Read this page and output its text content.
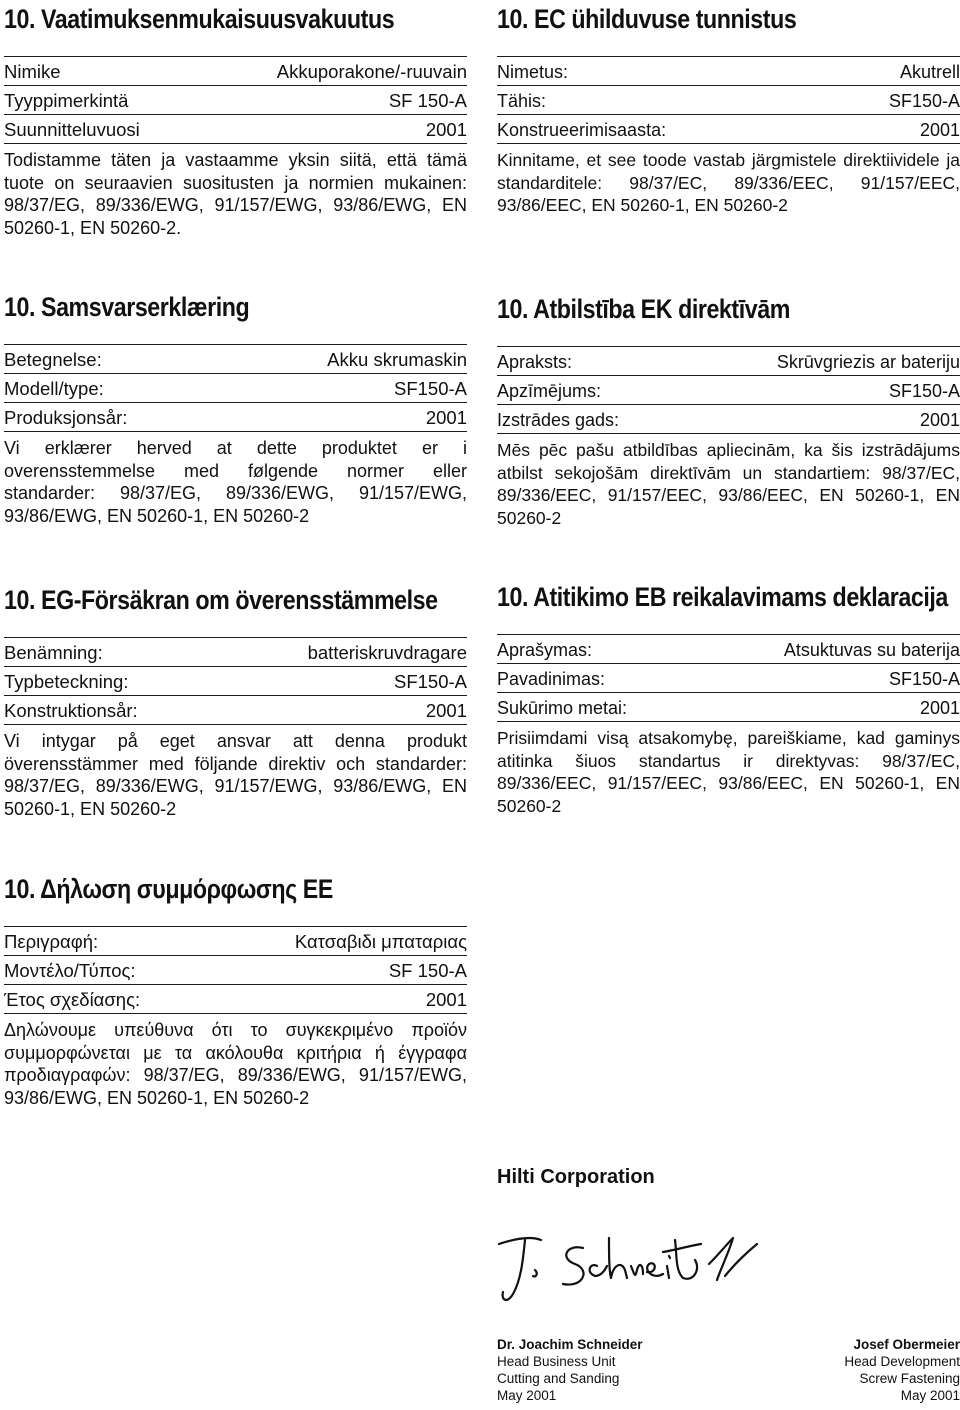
10. Vaatimuksenmukaisuusvakuutus
Nimike	Akkuporakone/-ruuvain
Tyyppimerkintä	SF 150-A
Suunnitteluvuosi	2001
Todistamme täten ja vastaamme yksin siitä, että tämä tuote on seuraavien suositusten ja normien mukainen: 98/37/EG, 89/336/EWG, 91/157/EWG, 93/86/EWG, EN 50260-1, EN 50260-2.
10. EC ühilduvuse tunnistus
Nimetus:	Akutrell
Tähis:	SF150-A
Konstrueerimisaasta:	2001
Kinnitame, et see toode vastab järgmistele direktiividele ja standarditele: 98/37/EC, 89/336/EEC, 91/157/EEC, 93/86/EEC, EN 50260-1, EN 50260-2
10. Samsvarserklæring
Betegnelse:	Akku skrumaskin
Modell/type:	SF150-A
Produksjonsår:	2001
Vi erklærer herved at dette produktet er i overensstemmelse med følgende normer eller standarder: 98/37/EG, 89/336/EWG, 91/157/EWG, 93/86/EWG, EN 50260-1, EN 50260-2
10. Atbilstība EK direktīvām
Apraksts:	Skrūvgriezis ar bateriju
Apzīmējums:	SF150-A
Izstrādes gads:	2001
Mēs pēc pašu atbildības apliecinām, ka šis izstrādājums atbilst sekojošām direktīvām un standartiem: 98/37/EC, 89/336/EEC, 91/157/EEC, 93/86/EEC, EN 50260-1, EN 50260-2
10. EG-Försäkran om överensstämmelse
Benämning:	batteriskruvdragare
Typbeteckning:	SF150-A
Konstruktionsår:	2001
Vi intygar på eget ansvar att denna produkt överensstämmer med följande direktiv och standarder: 98/37/EG, 89/336/EWG, 91/157/EWG, 93/86/EWG, EN 50260-1, EN 50260-2
10. Atitikimo EB reikalavimams deklaracija
Aprašymas:	Atsuktuvas su baterija
Pavadinimas:	SF150-A
Sukūrimo metai:	2001
Prisiimdami visą atsakomybę, pareiškiame, kad gaminys atitinka šiuos standartus ir direktyvas: 98/37/EC, 89/336/EEC, 91/157/EEC, 93/86/EEC, EN 50260-1, EN 50260-2
10. Δήλωση συμμόρφωσης ΕΕ
Περιγραφή:	Κατσαβιδι μπαταριας
Μοντέλο/Τύπος:	SF 150-A
Έτος σχεδίασης:	2001
Δηλώνουμε υπεύθυνα ότι το συγκεκριμένο προϊόν συμμορφώνεται με τα ακόλουθα κριτήρια ή έγγραφα προδιαγραφών: 98/37/EG, 89/336/EWG, 91/157/EWG, 93/86/EWG, EN 50260-1, EN 50260-2
Hilti Corporation
Dr. Joachim Schneider
Head Business Unit
Cutting and Sanding
May 2001
Josef Obermeier
Head Development
Screw Fastening
May 2001
